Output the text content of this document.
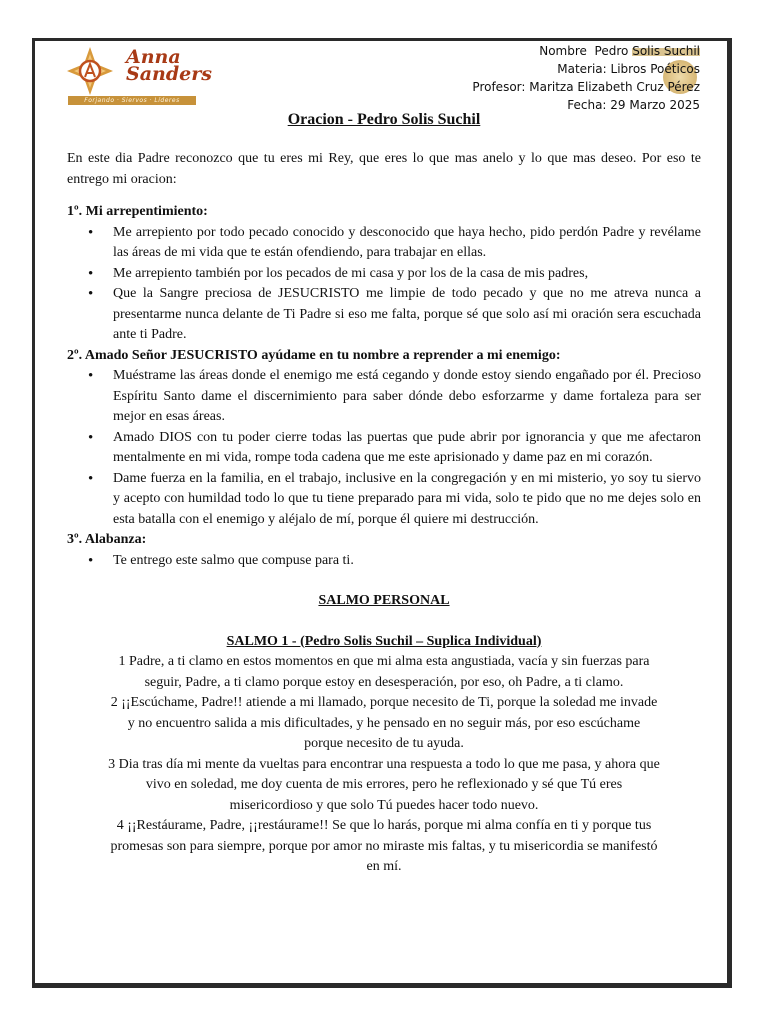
Anna
Sanders
Forjando · Siervos · Líderes
Nombre Pedro Solis Suchil
Materia: Libros Poéticos
Profesor: Maritza Elizabeth Cruz Pérez
Fecha: 29 Marzo 2025
Oracion - Pedro Solis Suchil

En este dia Padre reconozco que tu eres mi Rey, que eres lo que mas anelo y lo que mas deseo. Por eso te entrego mi oracion:

1º. Mi arrepentimiento:
• Me arrepiento por todo pecado conocido y desconocido que haya hecho, pido perdón Padre y revélame las áreas de mi vida que te están ofendiendo, para trabajar en ellas.
• Me arrepiento también por los pecados de mi casa y por los de la casa de mis padres,
• Que la Sangre preciosa de JESUCRISTO me limpie de todo pecado y que no me atreva nunca a presentarme nunca delante de Ti Padre si eso me falta, porque sé que solo así mi oración sera escuchada ante ti Padre.
2º. Amado Señor JESUCRISTO ayúdame en tu nombre a reprender a mi enemigo:
• Muéstrame las áreas donde el enemigo me está cegando y donde estoy siendo engañado por él. Precioso Espíritu Santo dame el discernimiento para saber dónde debo esforzarme y dame fortaleza para ser mejor en esas áreas.
• Amado DIOS con tu poder cierre todas las puertas que pude abrir por ignorancia y que me afectaron mentalmente en mi vida, rompe toda cadena que me este aprisionado y dame paz en mi corazón.
• Dame fuerza en la familia, en el trabajo, inclusive en la congregación y en mi misterio, yo soy tu siervo y acepto con humildad todo lo que tu tiene preparado para mi vida, solo te pido que no me dejes solo en esta batalla con el enemigo y aléjalo de mí, porque él quiere mi destrucción.
3º. Alabanza:
• Te entrego este salmo que compuse para ti.
SALMO PERSONAL
SALMO 1 - (Pedro Solis Suchil – Suplica Individual)
1 Padre, a ti clamo en estos momentos en que mi alma esta angustiada, vacía y sin fuerzas para seguir, Padre, a ti clamo porque estoy en desesperación, por eso, oh Padre, a ti clamo.
2 ¡¡Escúchame, Padre!! atiende a mi llamado, porque necesito de Ti, porque la soledad me invade y no encuentro salida a mis dificultades, y he pensado en no seguir más, por eso escúchame porque necesito de tu ayuda.
3 Dia tras día mi mente da vueltas para encontrar una respuesta a todo lo que me pasa, y ahora que vivo en soledad, me doy cuenta de mis errores, pero he reflexionado y sé que Tú eres misericordioso y que solo Tú puedes hacer todo nuevo.
4 ¡¡Restáurame, Padre, ¡¡restáurame!! Se que lo harás, porque mi alma confía en ti y porque tus promesas son para siempre, porque por amor no miraste mis faltas, y tu misericordia se manifestó en mí.
